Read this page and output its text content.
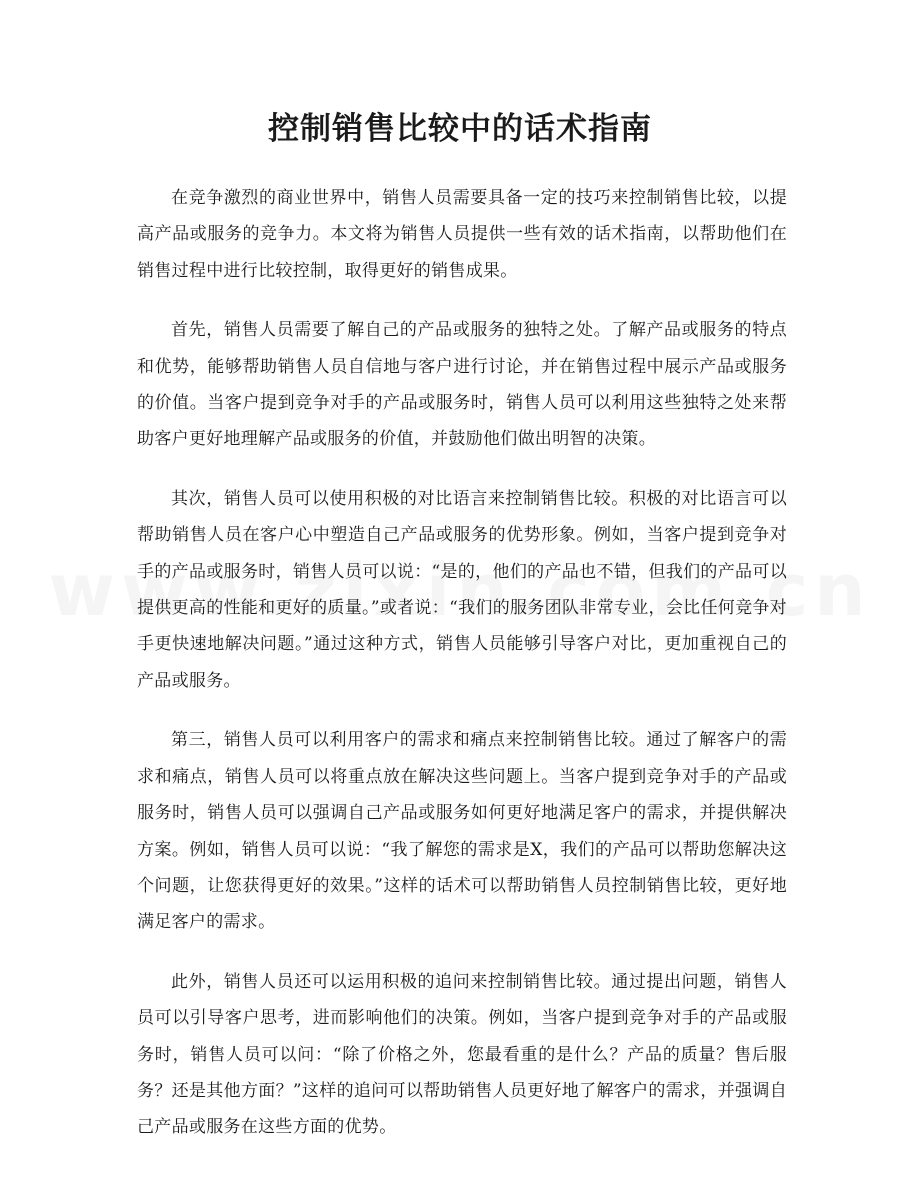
控制销售比较中的话术指南

在竞争激烈的商业世界中，销售人员需要具备一定的技巧来控制销售比较，以提高产品或服务的竞争力。本文将为销售人员提供一些有效的话术指南，以帮助他们在销售过程中进行比较控制，取得更好的销售成果。

首先，销售人员需要了解自己的产品或服务的独特之处。了解产品或服务的特点和优势，能够帮助销售人员自信地与客户进行讨论，并在销售过程中展示产品或服务的价值。当客户提到竞争对手的产品或服务时，销售人员可以利用这些独特之处来帮助客户更好地理解产品或服务的价值，并鼓励他们做出明智的决策。

其次，销售人员可以使用积极的对比语言来控制销售比较。积极的对比语言可以帮助销售人员在客户心中塑造自己产品或服务的优势形象。例如，当客户提到竞争对手的产品或服务时，销售人员可以说：“是的，他们的产品也不错，但我们的产品可以提供更高的性能和更好的质量。”或者说：“我们的服务团队非常专业，会比任何竞争对手更快速地解决问题。”通过这种方式，销售人员能够引导客户对比，更加重视自己的产品或服务。

第三，销售人员可以利用客户的需求和痛点来控制销售比较。通过了解客户的需求和痛点，销售人员可以将重点放在解决这些问题上。当客户提到竞争对手的产品或服务时，销售人员可以强调自己产品或服务如何更好地满足客户的需求，并提供解决方案。例如，销售人员可以说：“我了解您的需求是X，我们的产品可以帮助您解决这个问题，让您获得更好的效果。”这样的话术可以帮助销售人员控制销售比较，更好地满足客户的需求。

此外，销售人员还可以运用积极的追问来控制销售比较。通过提出问题，销售人员可以引导客户思考，进而影响他们的决策。例如，当客户提到竞争对手的产品或服务时，销售人员可以问：“除了价格之外，您最看重的是什么？产品的质量？售后服务？还是其他方面？”这样的追问可以帮助销售人员更好地了解客户的需求，并强调自己产品或服务在这些方面的优势。
